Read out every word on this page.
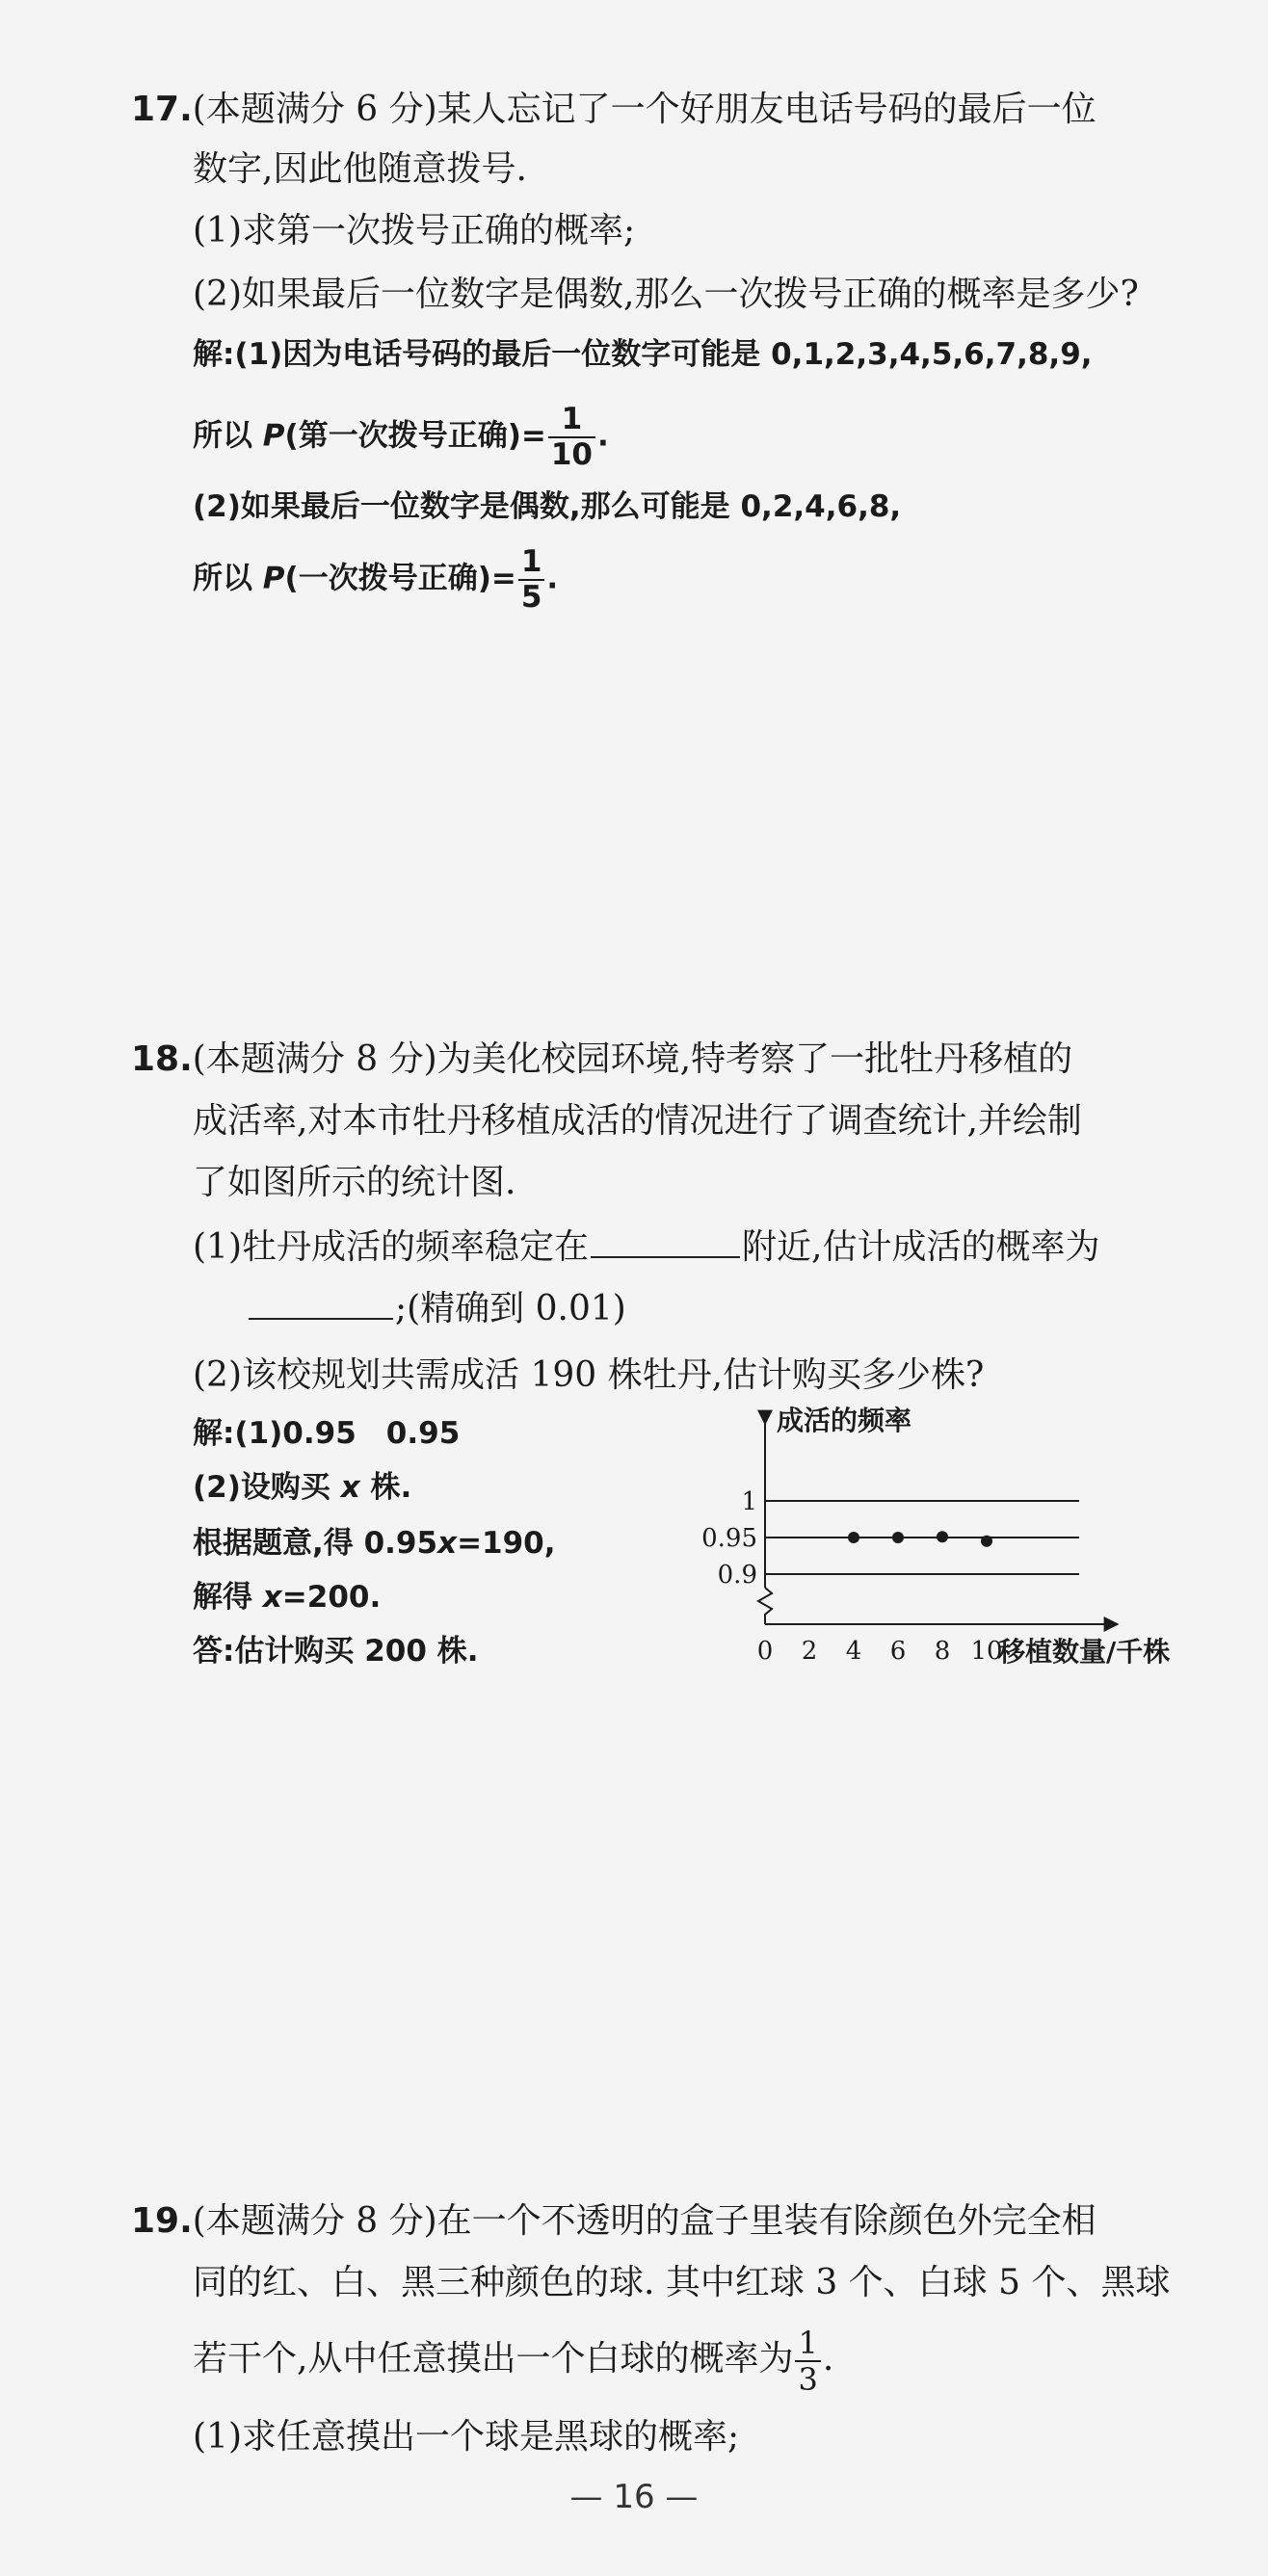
17.(本题满分 6 分)某人忘记了一个好朋友电话号码的最后一位
数字,因此他随意拨号.
(1)求第一次拨号正确的概率;
(2)如果最后一位数字是偶数,那么一次拨号正确的概率是多少?
解:(1)因为电话号码的最后一位数字可能是 0,1,2,3,4,5,6,7,8,9,
所以 P(第一次拨号正确)= $\frac{1}{10}$ .
(2)如果最后一位数字是偶数,那么可能是 0,2,4,6,8,
所以 P(一次拨号正确)= $\frac{1}{5}$ .
18.(本题满分 8 分)为美化校园环境,特考察了一批牡丹移植的
成活率,对本市牡丹移植成活的情况进行了调查统计,并绘制
了如图所示的统计图.
(1)牡丹成活的频率稳定在	附近,估计成活的概率为
;(精确到 0.01)
(2)该校规划共需成活 190 株牡丹,估计购买多少株?
解:(1)0.95　0.95
(2)设购买 x 株.
根据题意,得 0.95x=190,
解得 x=200.
答:估计购买 200 株.
0.9
0.95
1
0 2 4 6 8 10
成活的频率
移植数量/千株
19.(本题满分 8 分)在一个不透明的盒子里装有除颜色外完全相
同的红、白、黑三种颜色的球. 其中红球 3 个、白球 5 个、黑球
若干个,从中任意摸出一个白球的概率为 $\frac{1}{3}$ .
(1)求任意摸出一个球是黑球的概率;
— 16 —
